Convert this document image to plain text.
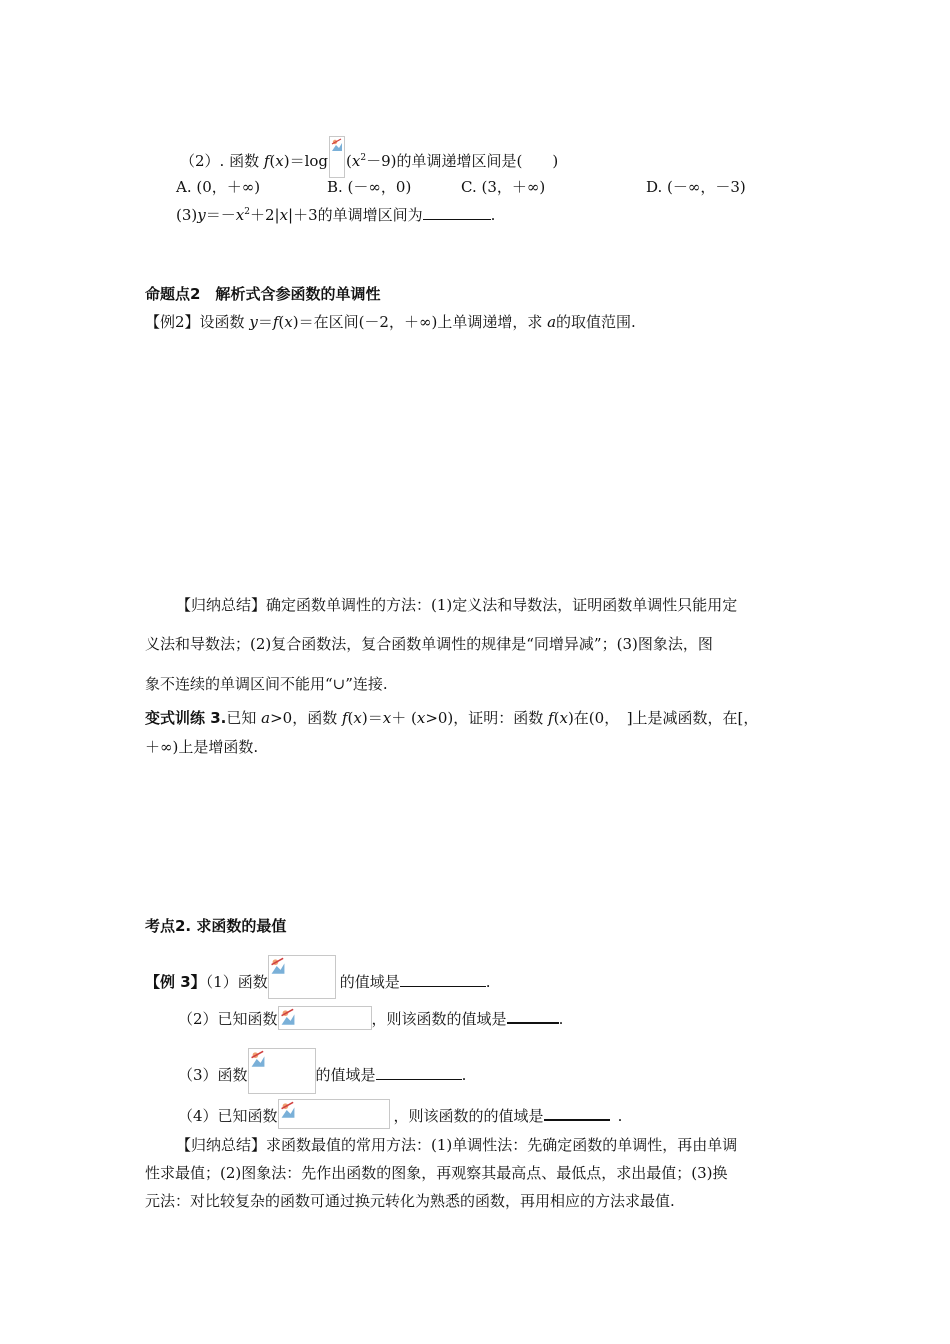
（2）. 函数 f(x)＝log $(x^2-9)$的单调递增区间是(　　)
A. (0，＋∞)	B. (－∞，0)	C. (3，＋∞)	D. (－∞，－3)
$(3)y=-x^2+2|x|+3$的单调增区间为	.
命题点2　解析式含参函数的单调性
【例2】设函数 y＝f(x)＝在区间(－2，＋∞)上单调递增，求 a的取值范围.
【归纳总结】确定函数单调性的方法：(1)定义法和导数法，证明函数单调性只能用定
义法和导数法；(2)复合函数法，复合函数单调性的规律是“同增异减”；(3)图象法，图
象不连续的单调区间不能用“∪”连接.
变式训练 3.已知 a>0，函数 f(x)＝x＋ (x>0)，证明：函数 f(x)在(0，　]上是减函数，在[，
＋∞)上是增函数.
考点2. 求函数的最值
【例 3】（1）函数	的值域是	.
（2）已知函数	，则该函数的值域是	.
（3）函数	的值域是	.
（4）已知函数	，则该函数的的值域是	.
【归纳总结】求函数最值的常用方法：(1)单调性法：先确定函数的单调性，再由单调
性求最值；(2)图象法：先作出函数的图象，再观察其最高点、最低点，求出最值；(3)换
元法：对比较复杂的函数可通过换元转化为熟悉的函数，再用相应的方法求最值.
